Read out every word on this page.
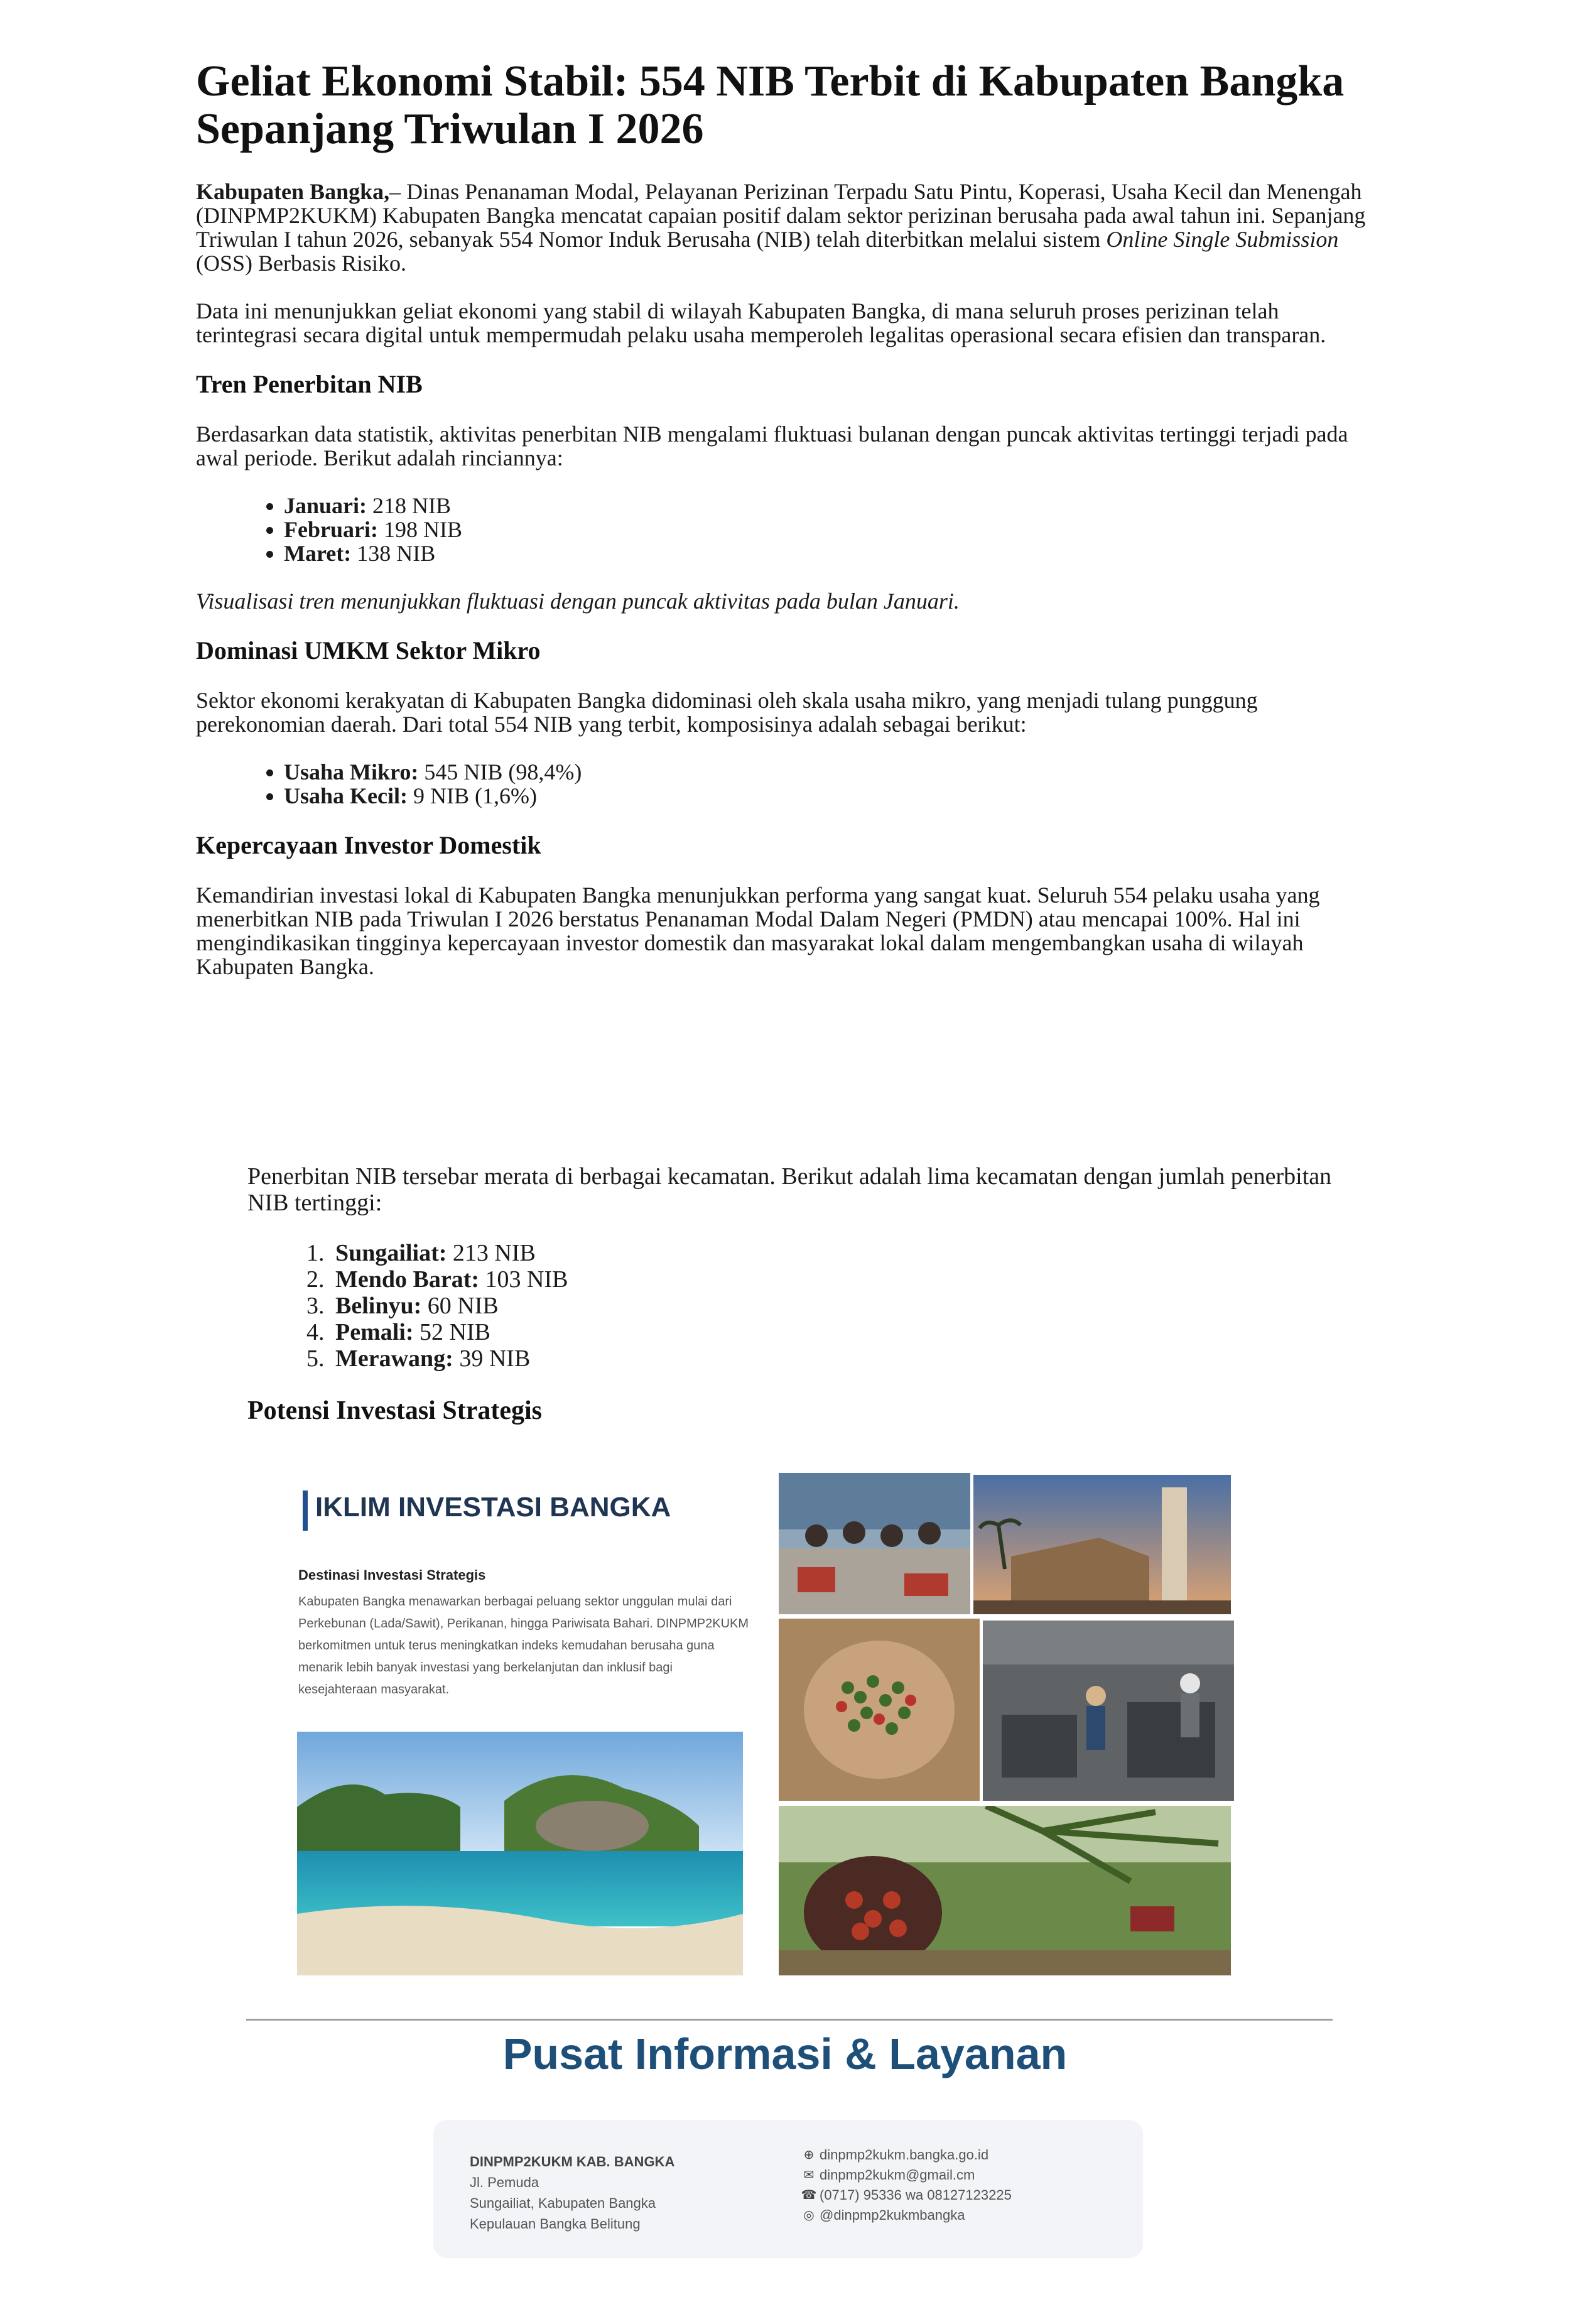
Geliat Ekonomi Stabil: 554 NIB Terbit di Kabupaten Bangka Sepanjang Triwulan I 2026

Kabupaten Bangka,– Dinas Penanaman Modal, Pelayanan Perizinan Terpadu Satu Pintu, Koperasi, Usaha Kecil dan Menengah (DINPMP2KUKM) Kabupaten Bangka mencatat capaian positif dalam sektor perizinan berusaha pada awal tahun ini. Sepanjang Triwulan I tahun 2026, sebanyak 554 Nomor Induk Berusaha (NIB) telah diterbitkan melalui sistem Online Single Submission (OSS) Berbasis Risiko.

Data ini menunjukkan geliat ekonomi yang stabil di wilayah Kabupaten Bangka, di mana seluruh proses perizinan telah terintegrasi secara digital untuk mempermudah pelaku usaha memperoleh legalitas operasional secara efisien dan transparan.

Tren Penerbitan NIB

Berdasarkan data statistik, aktivitas penerbitan NIB mengalami fluktuasi bulanan dengan puncak aktivitas tertinggi terjadi pada awal periode. Berikut adalah rinciannya:

• Januari: 218 NIB
• Februari: 198 NIB
• Maret: 138 NIB

Visualisasi tren menunjukkan fluktuasi dengan puncak aktivitas pada bulan Januari.

Dominasi UMKM Sektor Mikro

Sektor ekonomi kerakyatan di Kabupaten Bangka didominasi oleh skala usaha mikro, yang menjadi tulang punggung perekonomian daerah. Dari total 554 NIB yang terbit, komposisinya adalah sebagai berikut:

• Usaha Mikro: 545 NIB (98,4%)
• Usaha Kecil: 9 NIB (1,6%)
Kepercayaan Investor Domestik

Kemandirian investasi lokal di Kabupaten Bangka menunjukkan performa yang sangat kuat. Seluruh 554 pelaku usaha yang menerbitkan NIB pada Triwulan I 2026 berstatus Penanaman Modal Dalam Negeri (PMDN) atau mencapai 100%. Hal ini mengindikasikan tingginya kepercayaan investor domestik dan masyarakat lokal dalam mengembangkan usaha di wilayah Kabupaten Bangka.

Penerbitan NIB tersebar merata di berbagai kecamatan. Berikut adalah lima kecamatan dengan jumlah penerbitan NIB tertinggi:

1. Sungailiat: 213 NIB
2. Mendo Barat: 103 NIB
3. Belinyu: 60 NIB
4. Pemali: 52 NIB
5. Merawang: 39 NIB
Potensi Investasi Strategis
IKLIM INVESTASI BANGKA
Destinasi Investasi Strategis
Kabupaten Bangka menawarkan berbagai peluang sektor unggulan mulai dari Perkebunan (Lada/Sawit), Perikanan, hingga Pariwisata Bahari. DINPMP2KUKM berkomitmen untuk terus meningkatkan indeks kemudahan berusaha guna menarik lebih banyak investasi yang berkelanjutan dan inklusif bagi kesejahteraan masyarakat.
Pusat Informasi & Layanan
DINPMP2KUKM KAB. BANGKA
Jl. Pemuda
Sungailiat, Kabupaten Bangka
Kepulauan Bangka Belitung
⊕ dinpmp2kukm.bangka.go.id
✉ dinpmp2kukm@gmail.cm
☎ (0717) 95336 wa 08127123225
◎ @dinpmp2kukmbangka
